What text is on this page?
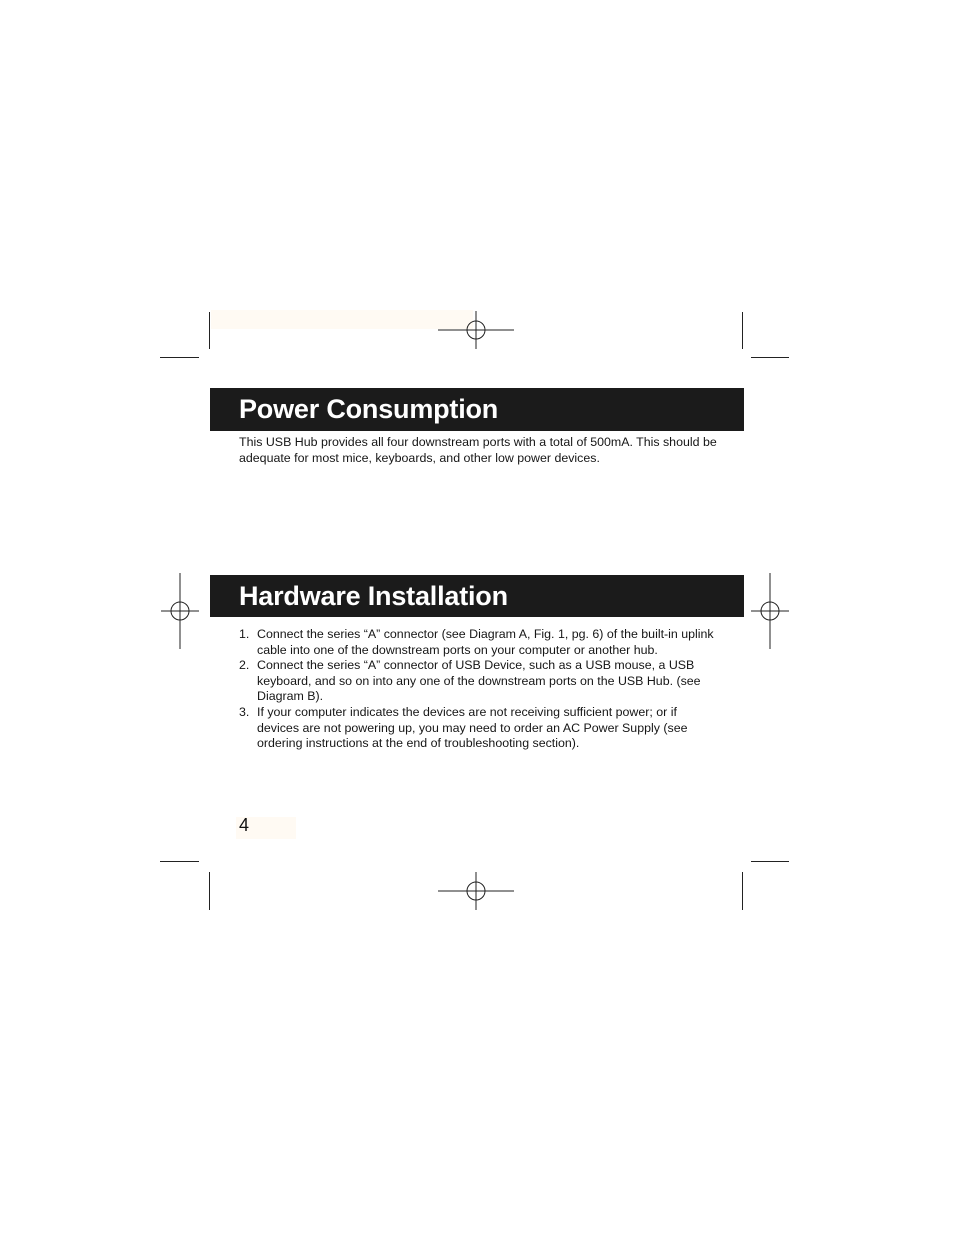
Power Consumption
This USB Hub provides all four downstream ports with a total of 500mA. This should be adequate for most mice, keyboards, and other low power devices.
Hardware Installation
1. Connect the series “A” connector (see Diagram A, Fig. 1, pg. 6) of the built-in uplink cable into one of the downstream ports on your computer or another hub.
2. Connect the series “A” connector of USB Device, such as a USB mouse, a USB keyboard, and so on into any one of the downstream ports on the USB Hub. (see Diagram B).
3. If your computer indicates the devices are not receiving sufficient power; or if devices are not powering up, you may need to order an AC Power Supply (see ordering instructions at the end of troubleshooting section).
4
